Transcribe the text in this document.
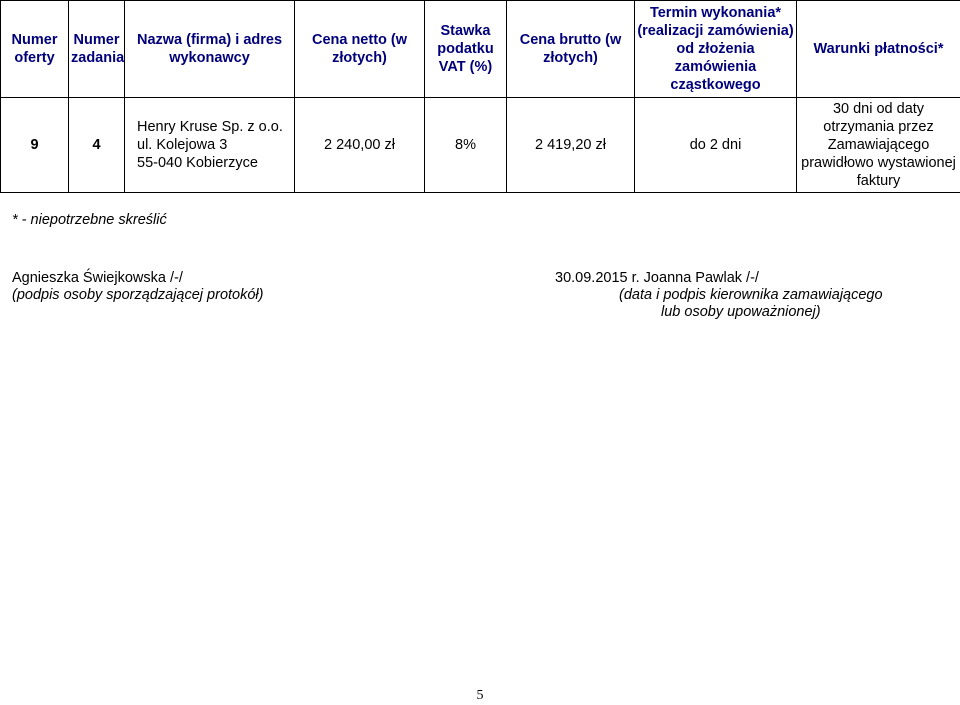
Numer oferty	Numer zadania	Nazwa (firma) i adres wykonawcy	Cena netto (w złotych)	Stawka podatku VAT (%)	Cena brutto (w złotych)	Termin wykonania* (realizacji zamówienia) od złożenia zamówienia cząstkowego	Warunki płatności*
9	4	Henry Kruse Sp. z o.o.
ul. Kolejowa 3
55-040 Kobierzyce	2 240,00 zł	8%	2 419,20 zł	do 2 dni	30 dni od daty otrzymania przez Zamawiającego prawidłowo wystawionej faktury
* - niepotrzebne skreślić
Agnieszka Świejkowska /-/
(podpis osoby sporządzającej protokół)
30.09.2015 r. Joanna Pawlak /-/
(data i podpis kierownika zamawiającego
lub osoby upoważnionej)
5
